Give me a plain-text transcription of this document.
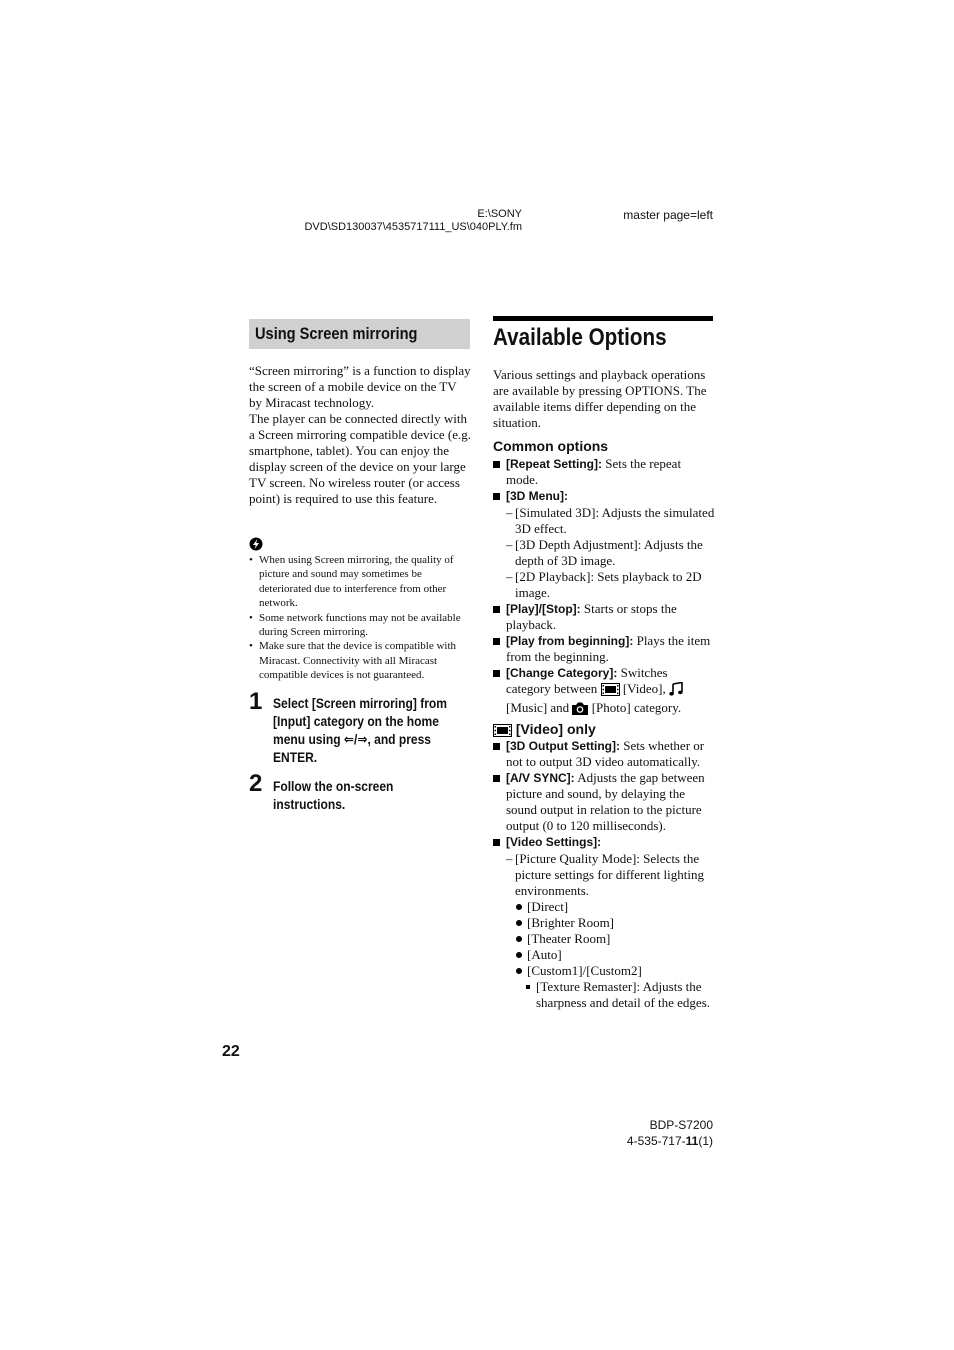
E:\SONY
DVD\SD130037\4535717111_US\040PLY.fm
master page=left
Using Screen mirroring

“Screen mirroring” is a function to display the screen of a mobile device on the TV by Miracast technology.

The player can be connected directly with a Screen mirroring compatible device (e.g. smartphone, tablet). You can enjoy the display screen of the device on your large TV screen. No wireless router (or access point) is required to use this feature.

• When using Screen mirroring, the quality of picture and sound may sometimes be deteriorated due to interference from other network.
• Some network functions may not be available during Screen mirroring.
• Make sure that the device is compatible with Miracast. Connectivity with all Miracast compatible devices is not guaranteed.
1 Select [Screen mirroring] from [Input] category on the home menu using ⇐/⇒, and press ENTER.
2 Follow the on-screen instructions.
Available Options
Various settings and playback operations are available by pressing OPTIONS. The available items differ depending on the situation.
Common options
[Repeat Setting]: Sets the repeat mode.
[3D Menu]:
– [Simulated 3D]: Adjusts the simulated 3D effect.
– [3D Depth Adjustment]: Adjusts the depth of 3D image.
– [2D Playback]: Sets playback to 2D image.
[Play]/[Stop]: Starts or stops the playback.
[Play from beginning]: Plays the item from the beginning.
[Change Category]: Switches category between [Video],  [Music] and [Photo] category.
[Video] only
[3D Output Setting]: Sets whether or not to output 3D video automatically.
[A/V SYNC]: Adjusts the gap between picture and sound, by delaying the sound output in relation to the picture output (0 to 120 milliseconds).
[Video Settings]:
– [Picture Quality Mode]: Selects the picture settings for different lighting environments.
[Direct]
[Brighter Room]
[Theater Room]
[Auto]
[Custom1]/[Custom2]
[Texture Remaster]: Adjusts the sharpness and detail of the edges.
22
BDP-S7200
4-535-717-11(1)
